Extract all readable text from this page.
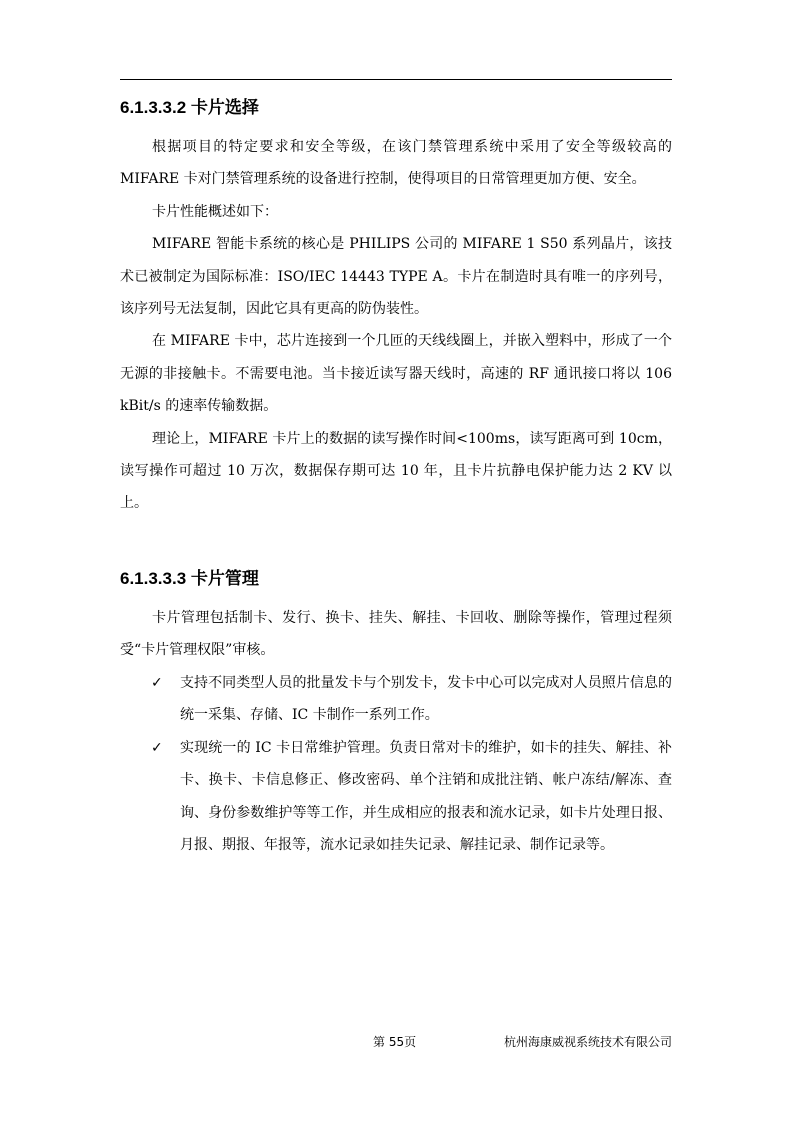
6.1.3.3.2 卡片选择

根据项目的特定要求和安全等级，在该门禁管理系统中采用了安全等级较高的 MIFARE 卡对门禁管理系统的设备进行控制，使得项目的日常管理更加方便、安全。

卡片性能概述如下：

MIFARE 智能卡系统的核心是 PHILIPS 公司的 MIFARE 1 S50 系列晶片，该技术已被制定为国际标准：ISO/IEC 14443 TYPE A。卡片在制造时具有唯一的序列号，该序列号无法复制，因此它具有更高的防伪装性。

在 MIFARE 卡中，芯片连接到一个几匝的天线线圈上，并嵌入塑料中，形成了一个无源的非接触卡。不需要电池。当卡接近读写器天线时，高速的 RF 通讯接口将以 106 kBit/s 的速率传输数据。

理论上，MIFARE 卡片上的数据的读写操作时间<100ms，读写距离可到 10cm，读写操作可超过 10 万次，数据保存期可达 10 年，且卡片抗静电保护能力达 2 KV 以上。

6.1.3.3.3 卡片管理

卡片管理包括制卡、发行、换卡、挂失、解挂、卡回收、删除等操作，管理过程须受“卡片管理权限”审核。

✓ 支持不同类型人员的批量发卡与个别发卡，发卡中心可以完成对人员照片信息的统一采集、存储、IC 卡制作一系列工作。
✓ 实现统一的 IC 卡日常维护管理。负责日常对卡的维护，如卡的挂失、解挂、补卡、换卡、卡信息修正、修改密码、单个注销和成批注销、帐户冻结/解冻、查询、身份参数维护等等工作，并生成相应的报表和流水记录，如卡片处理日报、月报、期报、年报等，流水记录如挂失记录、解挂记录、制作记录等。
第 55页	杭州海康威视系统技术有限公司
